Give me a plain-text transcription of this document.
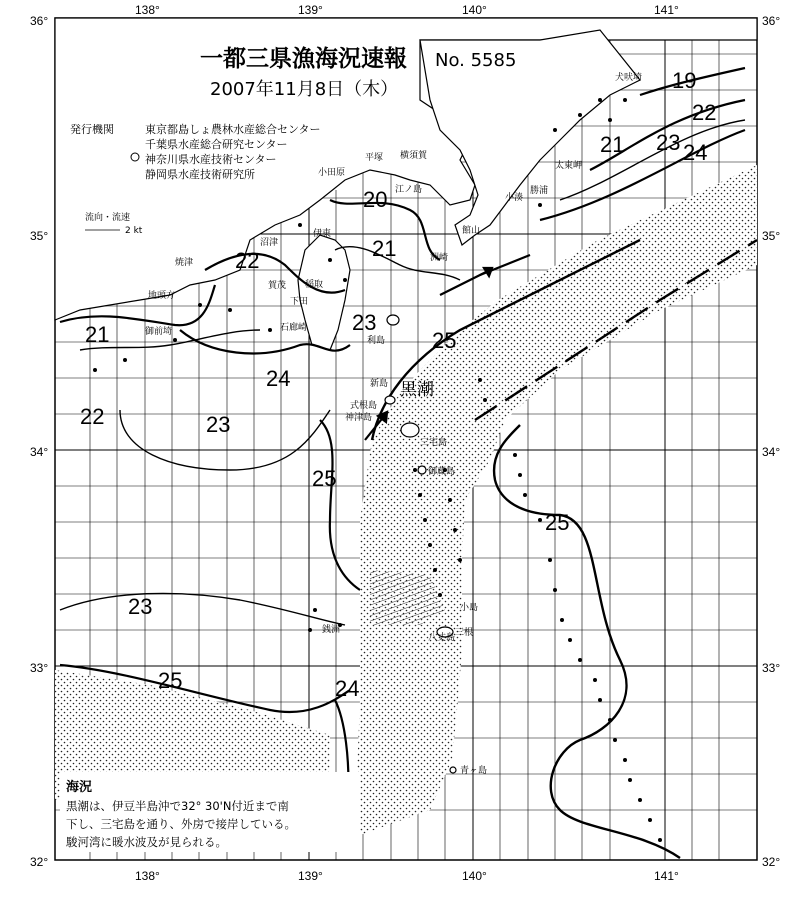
一都三県漁海況速報 No. 5585
2007年11月8日（木）
発行機関	東京都島しょ農林水産総合センター
千葉県水産総合研究センター
神奈川県水産技術センター
静岡県水産技術研究所
流向・流速
2 kt
36°	36°
35°	35°
34°	34°
33°	33°
32°	32°
138°	139°	140°	141°
138°	139°	140°	141°
19
20
21
21
21
22
22
22
23
23
23
23
24
24
24
25
25
25
25
黒潮
犬吠埼
太東岬
勝浦
小湊
館山
横須賀
平塚
小田原
江ノ島
伊東
沼津
稲取
下田
石廊崎
御前埼
地頭方
焼津
賀茂
利島
新島
式根島
神津島
三宅島
御蔵島
八丈島
小島
三根
銭洲
青ヶ島
洲崎
海況
黒潮は、伊豆半島沖で32° 30'N付近まで南
下し、三宅島を通り、外房で接岸している。
駿河湾に暖水波及が見られる。
